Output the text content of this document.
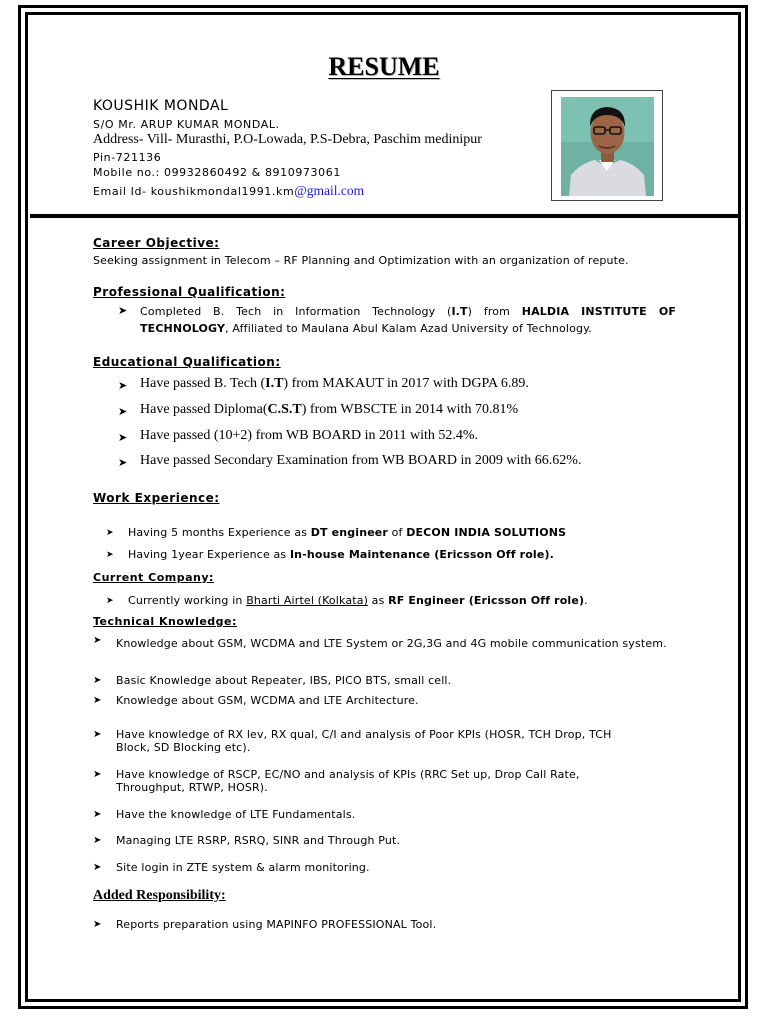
RESUME
KOUSHIK MONDAL
S/O Mr. ARUP KUMAR MONDAL.
Address- Vill- Murasthi, P.O-Lowada, P.S-Debra, Paschim medinipur
Pin-721136
Mobile no.: 09932860492 & 8910973061
Email Id- koushikmondal1991.km@gmail.com
Career Objective:
Seeking assignment in Telecom – RF Planning and Optimization with an organization of repute.
Professional Qualification:
➤ Completed B. Tech in Information Technology (I.T) from HALDIA INSTITUTE OF TECHNOLOGY, Affiliated to Maulana Abul Kalam Azad University of Technology.
Educational Qualification:
➤ Have passed B. Tech (I.T) from MAKAUT in 2017 with DGPA 6.89.
➤ Have passed Diploma(C.S.T) from WBSCTE in 2014 with 70.81%
➤ Have passed (10+2) from WB BOARD in 2011 with 52.4%.
➤ Have passed Secondary Examination from WB BOARD in 2009 with 66.62%.
Work Experience:
➤ Having 5 months Experience as DT engineer of DECON INDIA SOLUTIONS
➤ Having 1year Experience as In-house Maintenance (Ericsson Off role).
Current Company:
➤ Currently working in Bharti Airtel (Kolkata) as RF Engineer (Ericsson Off role).
Technical Knowledge:
➤ Knowledge about GSM, WCDMA and LTE System or 2G,3G and 4G mobile communication system.
➤ Basic Knowledge about Repeater, IBS, PICO BTS, small cell.
➤ Knowledge about GSM, WCDMA and LTE Architecture.
➤ Have knowledge of RX lev, RX qual, C/I and analysis of Poor KPIs (HOSR, TCH Drop, TCH Block, SD Blocking etc).
➤ Have knowledge of RSCP, EC/NO and analysis of KPIs (RRC Set up, Drop Call Rate, Throughput, RTWP, HOSR).
➤ Have the knowledge of LTE Fundamentals.
➤ Managing LTE RSRP, RSRQ, SINR and Through Put.
➤ Site login in ZTE system & alarm monitoring.
Added Responsibility:
➤ Reports preparation using MAPINFO PROFESSIONAL Tool.
